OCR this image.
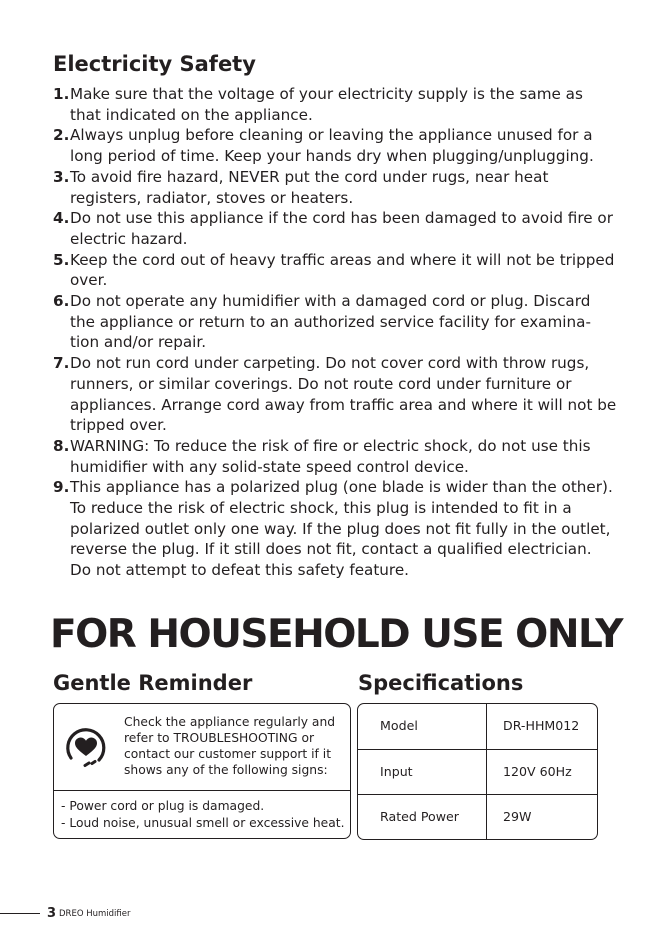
Electricity Safety
1. Make sure that the voltage of your electricity supply is the same as
that indicated on the appliance.
2. Always unplug before cleaning or leaving the appliance unused for a
long period of time. Keep your hands dry when plugging/unplugging.
3. To avoid fire hazard, NEVER put the cord under rugs, near heat
registers, radiator, stoves or heaters.
4. Do not use this appliance if the cord has been damaged to avoid fire or
electric hazard.
5. Keep the cord out of heavy traffic areas and where it will not be tripped
over.
6. Do not operate any humidifier with a damaged cord or plug. Discard
the appliance or return to an authorized service facility for examina-
tion and/or repair.
7. Do not run cord under carpeting. Do not cover cord with throw rugs,
runners, or similar coverings. Do not route cord under furniture or
appliances. Arrange cord away from traffic area and where it will not be
tripped over.
8. WARNING: To reduce the risk of fire or electric shock, do not use this
humidifier with any solid-state speed control device.
9. This appliance has a polarized plug (one blade is wider than the other).
To reduce the risk of electric shock, this plug is intended to fit in a
polarized outlet only one way. If the plug does not fit fully in the outlet,
reverse the plug. If it still does not fit, contact a qualified electrician.
Do not attempt to defeat this safety feature.
FOR HOUSEHOLD USE ONLY
Gentle Reminder	Specifications
Check the appliance regularly and
refer to TROUBLESHOOTING or
contact our customer support if it
shows any of the following signs:
- Power cord or plug is damaged.
- Loud noise, unusual smell or excessive heat.
Model	DR-HHM012
Input	120V 60Hz
Rated Power	29W
3 DREO Humidifier
